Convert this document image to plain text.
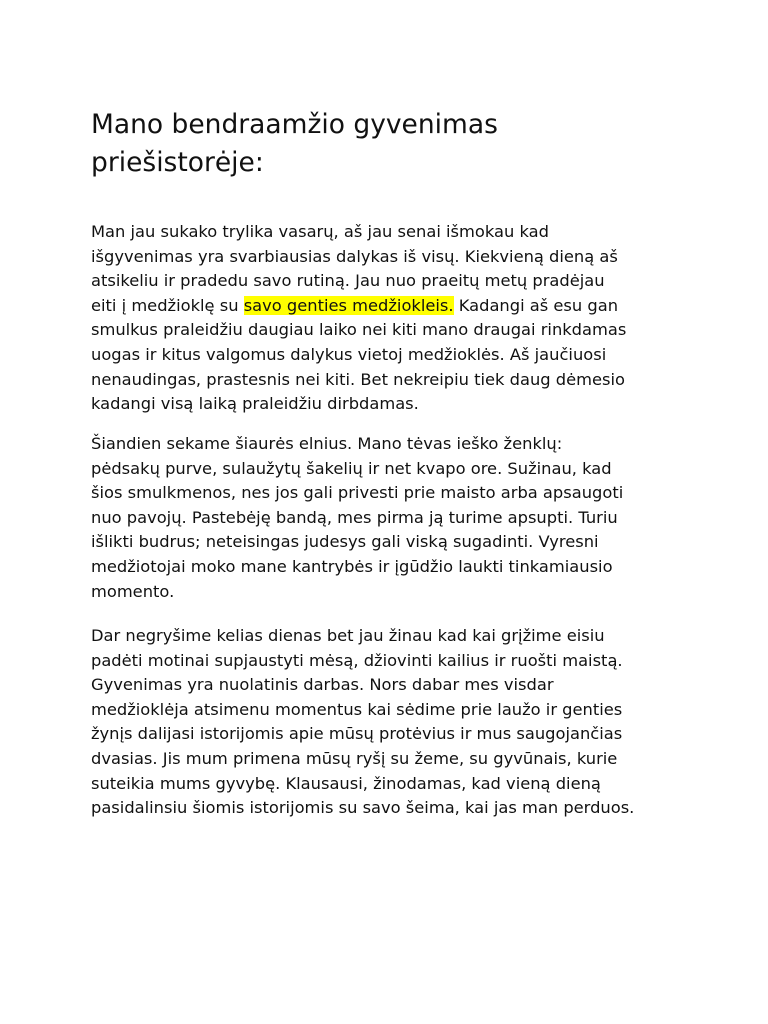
Mano bendraamžio gyvenimas
priešistorėje:

Man jau sukako trylika vasarų, aš jau senai išmokau kad
išgyvenimas yra svarbiausias dalykas iš visų. Kiekvieną dieną aš
atsikeliu ir pradedu savo rutiną. Jau nuo praeitų metų pradėjau
eiti į medžioklę su savo genties medžiokleis. Kadangi aš esu gan
smulkus praleidžiu daugiau laiko nei kiti mano draugai rinkdamas
uogas ir kitus valgomus dalykus vietoj medžioklės. Aš jaučiuosi
nenaudingas, prastesnis nei kiti. Bet nekreipiu tiek daug dėmesio
kadangi visą laiką praleidžiu dirbdamas.

Šiandien sekame šiaurės elnius. Mano tėvas ieško ženklų:
pėdsakų purve, sulaužytų šakelių ir net kvapo ore. Sužinau, kad
šios smulkmenos, nes jos gali privesti prie maisto arba apsaugoti
nuo pavojų. Pastebėję bandą, mes pirma ją turime apsupti. Turiu
išlikti budrus; neteisingas judesys gali viską sugadinti. Vyresni
medžiotojai moko mane kantrybės ir įgūdžio laukti tinkamiausio
momento.

Dar negryšime kelias dienas bet jau žinau kad kai grįžime eisiu
padėti motinai supjaustyti mėsą, džiovinti kailius ir ruošti maistą.
Gyvenimas yra nuolatinis darbas. Nors dabar mes visdar
medžioklėja atsimenu momentus kai sėdime prie laužo ir genties
žynįs dalijasi istorijomis apie mūsų protėvius ir mus saugojančias
dvasias. Jis mum primena mūsų ryšį su žeme, su gyvūnais, kurie
suteikia mums gyvybę. Klausausi, žinodamas, kad vieną dieną
pasidalinsiu šiomis istorijomis su savo šeima, kai jas man perduos.
